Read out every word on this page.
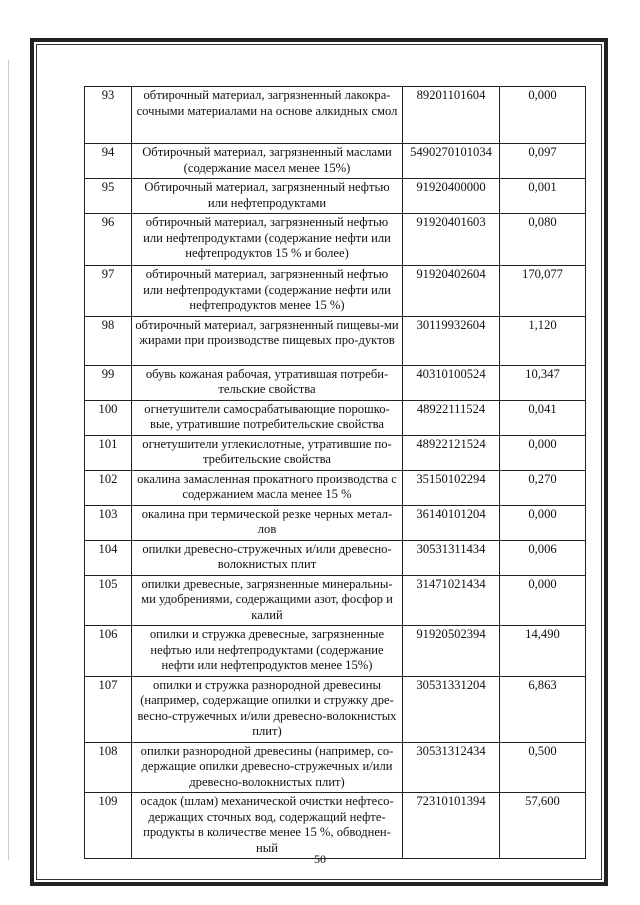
93	обтирочный материал, загрязненный лакокра-сочными материалами на основе алкидных смол	89201101604	0,000
94	Обтирочный материал, загрязненный маслами (содержание масел менее 15%)	5490270101034	0,097
95	Обтирочный материал, загрязненный нефтью или нефтепродуктами	91920400000	0,001
96	обтирочный материал, загрязненный нефтью или нефтепродуктами (содержание нефти или нефтепродуктов 15 % и более)	91920401603	0,080
97	обтирочный материал, загрязненный нефтью или нефтепродуктами (содержание нефти или нефтепродуктов менее 15 %)	91920402604	170,077
98	обтирочный материал, загрязненный пищевы-ми жирами при производстве пищевых про-дуктов	30119932604	1,120
99	обувь кожаная рабочая, утратившая потреби-тельские свойства	40310100524	10,347
100	огнетушители самосрабатывающие порошко-вые, утратившие потребительские свойства	48922111524	0,041
101	огнетушители углекислотные, утратившие по-требительские свойства	48922121524	0,000
102	окалина замасленная прокатного производства с содержанием масла менее 15 %	35150102294	0,270
103	окалина при термической резке черных метал-лов	36140101204	0,000
104	опилки древесно-стружечных и/или древесно-волокнистых плит	30531311434	0,006
105	опилки древесные, загрязненные минеральны-ми удобрениями, содержащими азот, фосфор и калий	31471021434	0,000
106	опилки и стружка древесные, загрязненные нефтью или нефтепродуктами (содержание нефти или нефтепродуктов менее 15%)	91920502394	14,490
107	опилки и стружка разнородной древесины (например, содержащие опилки и стружку дре-весно-стружечных и/или древесно-волокнистых плит)	30531331204	6,863
108	опилки разнородной древесины (например, со-держащие опилки древесно-стружечных и/или древесно-волокнистых плит)	30531312434	0,500
109	осадок (шлам) механической очистки нефтесо-держащих сточных вод, содержащий нефте-продукты в количестве менее 15 %, обводнен-ный	72310101394	57,600
50
